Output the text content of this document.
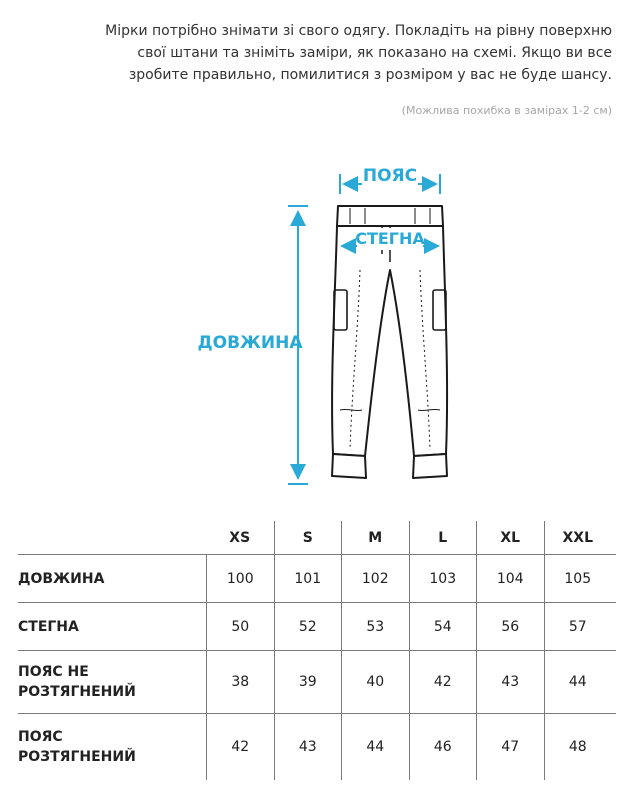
Мірки потрібно знімати зі свого одягу. Покладіть на рівну поверхню
свої штани та зніміть заміри, як показано на схемі. Якщо ви все
зробите правильно, помилитися з розміром у вас не буде шансу.
(Можлива похибка в замірах 1-2 см)
ПОЯС
СТЕГНА
ДОВЖИНА
XS	S	M	L	XL	XXL
ДОВЖИНА	100	101	102	103	104	105
СТЕГНА	50	52	53	54	56	57
ПОЯС НЕ
РОЗТЯГНЕНИЙ
38	39	40	42	43	44
ПОЯС
РОЗТЯГНЕНИЙ
42	43	44	46	47	48
